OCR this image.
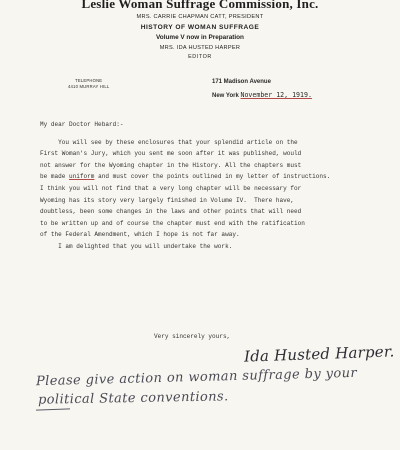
Leslie Woman Suffrage Commission, Inc.
MRS. CARRIE CHAPMAN CATT, PRESIDENT
HISTORY OF WOMAN SUFFRAGE
Volume V now in Preparation
MRS. IDA HUSTED HARPER
EDITOR
TELEPHONE
4410 MURRAY HILL
171 Madison Avenue
New York November 12, 1919.

My dear Doctor Hebard:-

You will see by these enclosures that your splendid article on the

First Woman's Jury, which you sent me soon after it was published, would

not answer for the Wyoming chapter in the History. All the chapters must

be made uniform and must cover the points outlined in my letter of instructions.

I think you will not find that a very long chapter will be necessary for

Wyoming has its story very largely finished in Volume IV.  There have,

doubtless, been some changes in the laws and other points that will need

to be written up and of course the chapter must end with the ratification

of the Federal Amendment, which I hope is not far away.

I am delighted that you will undertake the work.

Very sincerely yours,
Ida Husted Harper.
Please give action on woman suffrage by your
political State conventions.
